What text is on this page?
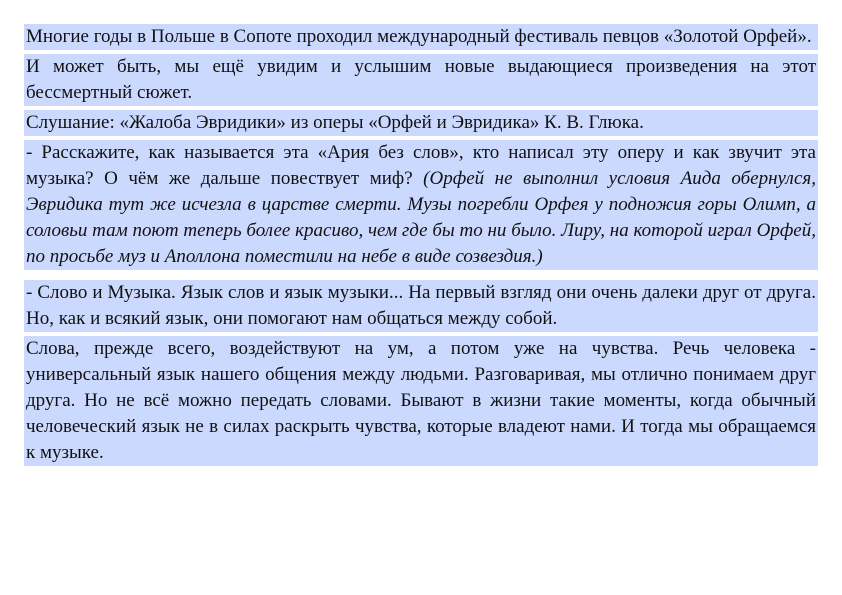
Многие годы в Польше в Сопоте проходил международный фестиваль певцов «Золотой Орфей».

И может быть, мы ещё увидим и услышим новые выдающиеся произведения на этот бессмертный сюжет.

Слушание: «Жалоба Эвридики» из оперы «Орфей и Эвридика» К. В. Глюка.

- Расскажите, как называется эта «Ария без слов», кто написал эту оперу и как звучит эта музыка? О чём же дальше повествует миф? (Орфей не выполнил условия Аида обернулся, Эвридика тут же исчезла в царстве смерти. Музы погребли Орфея у подножия горы Олимп, а соловьи там поют теперь более красиво, чем где бы то ни было. Лиру, на которой играл Орфей, по просьбе муз и Аполлона поместили на небе в виде созвездия.)

- Слово и Музыка. Язык слов и язык музыки... На первый взгляд они очень далеки друг от друга. Но, как и всякий язык, они помогают нам общаться между собой.

Слова, прежде всего, воздействуют на ум, а потом уже на чувства. Речь человека - универсальный язык нашего общения между людьми. Разговаривая, мы отлично понимаем друг друга. Но не всё можно передать словами. Бывают в жизни такие моменты, когда обычный человеческий язык не в силах раскрыть чувства, которые владеют нами. И тогда мы обращаемся к музыке.
